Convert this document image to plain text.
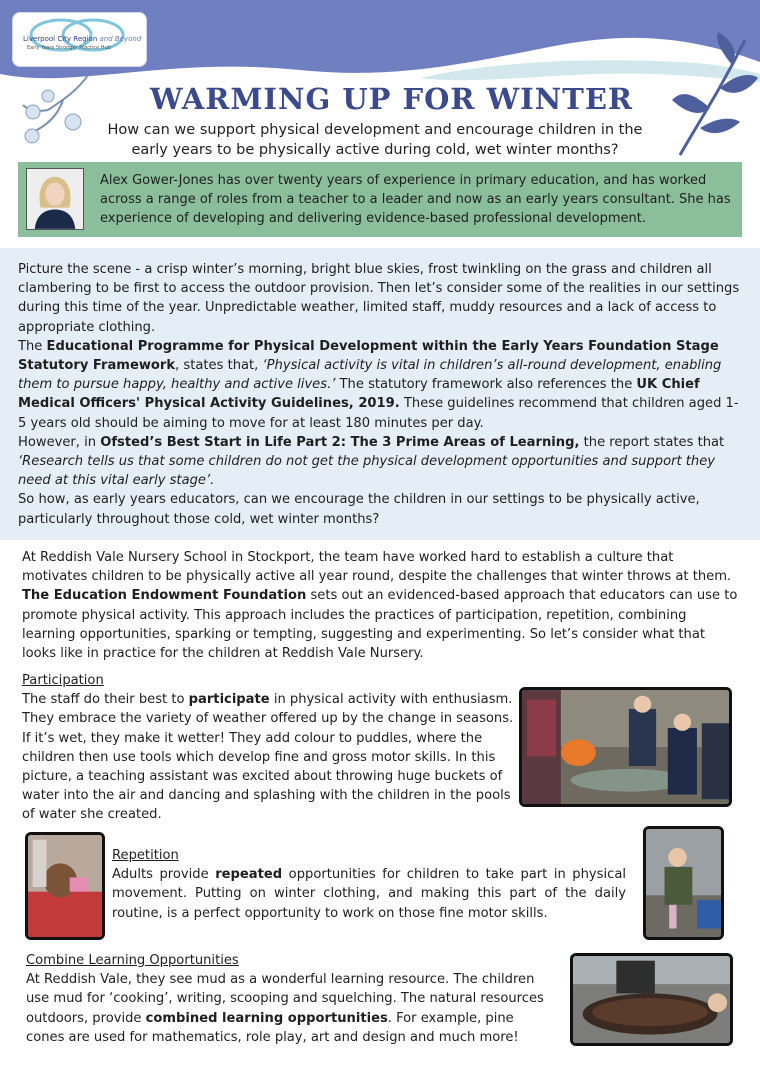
Liverpool City Region and Beyond
Early Years Stronger Practice Hub
WARMING UP FOR WINTER
How can we support physical development and encourage children in the early years to be physically active during cold, wet winter months?
Alex Gower-Jones has over twenty years of experience in primary education, and has worked across a range of roles from a teacher to a leader and now as an early years consultant. She has experience of developing and delivering evidence-based professional development.

Picture the scene - a crisp winter’s morning, bright blue skies, frost twinkling on the grass and children all clambering to be first to access the outdoor provision. Then let’s consider some of the realities in our settings during this time of the year. Unpredictable weather, limited staff, muddy resources and a lack of access to appropriate clothing.

The Educational Programme for Physical Development within the Early Years Foundation Stage Statutory Framework, states that, ‘Physical activity is vital in children’s all-round development, enabling them to pursue happy, healthy and active lives.’ The statutory framework also references the UK Chief Medical Officers' Physical Activity Guidelines, 2019. These guidelines recommend that children aged 1-5 years old should be aiming to move for at least 180 minutes per day.

However, in Ofsted’s Best Start in Life Part 2: The 3 Prime Areas of Learning, the report states that ‘Research tells us that some children do not get the physical development opportunities and support they need at this vital early stage’.

So how, as early years educators, can we encourage the children in our settings to be physically active, particularly throughout those cold, wet winter months?

At Reddish Vale Nursery School in Stockport, the team have worked hard to establish a culture that motivates children to be physically active all year round, despite the challenges that winter throws at them. The Education Endowment Foundation sets out an evidenced-based approach that educators can use to promote physical activity. This approach includes the practices of participation, repetition, combining learning opportunities, sparking or tempting, suggesting and experimenting. So let’s consider what that looks like in practice for the children at Reddish Vale Nursery.
Participation
The staff do their best to participate in physical activity with enthusiasm. They embrace the variety of weather offered up by the change in seasons. If it’s wet, they make it wetter! They add colour to puddles, where the children then use tools which develop fine and gross motor skills. In this picture, a teaching assistant was excited about throwing huge buckets of water into the air and dancing and splashing with the children in the pools of water she created.
Repetition
Adults provide repeated opportunities for children to take part in physical movement. Putting on winter clothing, and making this part of the daily routine, is a perfect opportunity to work on those fine motor skills.
Combine Learning Opportunities
At Reddish Vale, they see mud as a wonderful learning resource. The children use mud for ‘cooking’, writing, scooping and squelching. The natural resources outdoors, provide combined learning opportunities. For example, pine cones are used for mathematics, role play, art and design and much more!
